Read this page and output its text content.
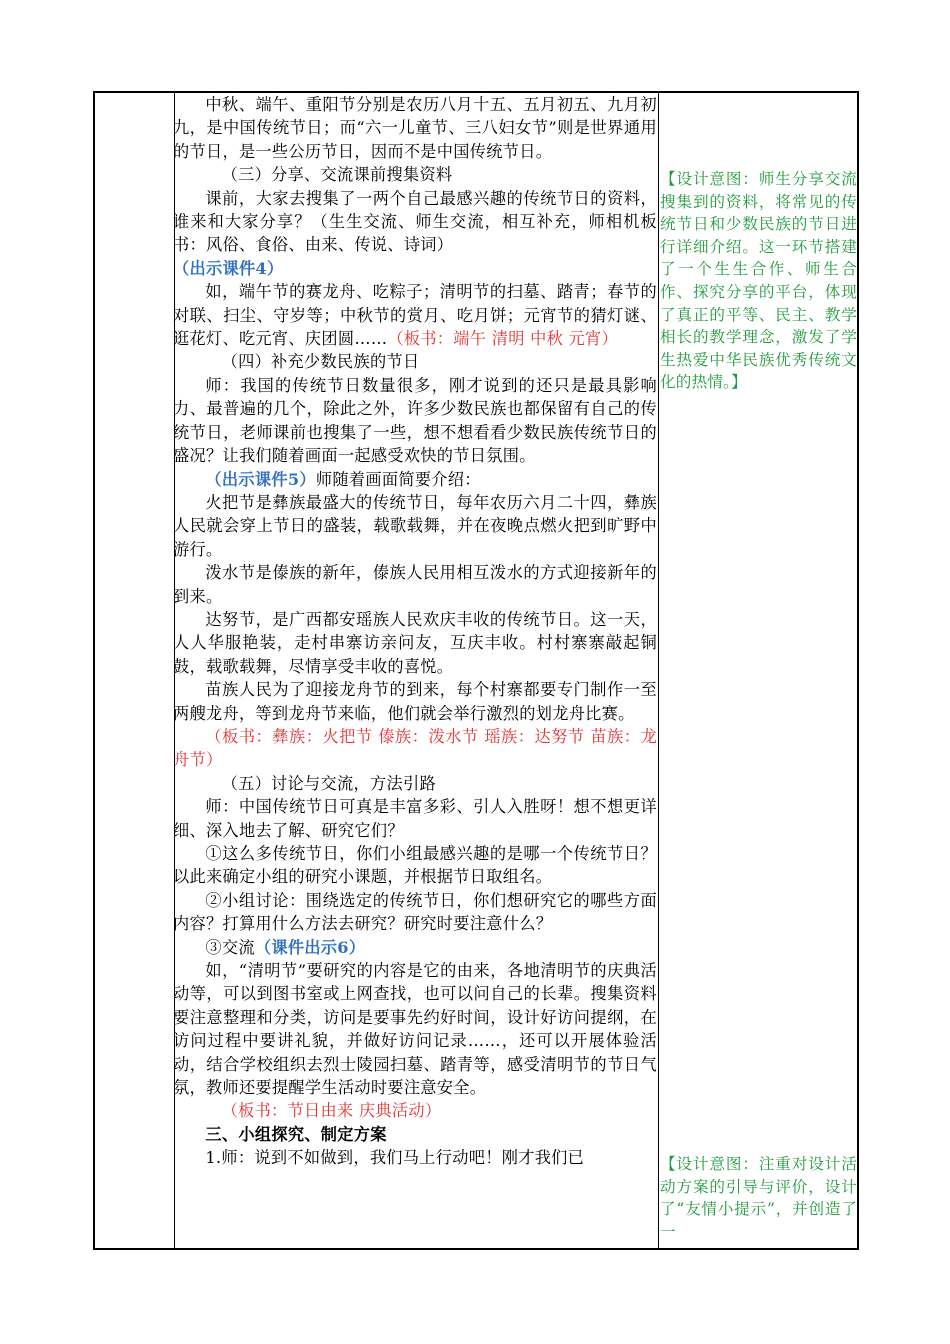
中秋、端午、重阳节分别是农历八月十五、五月初五、九月初九，是中国传统节日；而“六一儿童节、三八妇女节”则是世界通用的节日，是一些公历节日，因而不是中国传统节日。

（三）分享、交流课前搜集资料

课前，大家去搜集了一两个自己最感兴趣的传统节日的资料，谁来和大家分享？（生生交流、师生交流，相互补充，师相机板书：风俗、食俗、由来、传说、诗词）

（出示课件4）

如，端午节的赛龙舟、吃粽子；清明节的扫墓、踏青；春节的对联、扫尘、守岁等；中秋节的赏月、吃月饼；元宵节的猜灯谜、逛花灯、吃元宵、庆团圆……（板书：端午 清明 中秋 元宵）

（四）补充少数民族的节日

师：我国的传统节日数量很多，刚才说到的还只是最具影响力、最普遍的几个，除此之外，许多少数民族也都保留有自己的传统节日，老师课前也搜集了一些，想不想看看少数民族传统节日的盛况？让我们随着画面一起感受欢快的节日氛围。

（出示课件5）师随着画面简要介绍：

火把节是彝族最盛大的传统节日，每年农历六月二十四，彝族人民就会穿上节日的盛装，载歌载舞，并在夜晚点燃火把到旷野中游行。

泼水节是傣族的新年，傣族人民用相互泼水的方式迎接新年的到来。

达努节，是广西都安瑶族人民欢庆丰收的传统节日。这一天，人人华服艳装，走村串寨访亲问友，互庆丰收。村村寨寨敲起铜鼓，载歌载舞，尽情享受丰收的喜悦。

苗族人民为了迎接龙舟节的到来，每个村寨都要专门制作一至两艘龙舟，等到龙舟节来临，他们就会举行激烈的划龙舟比赛。

（板书：彝族：火把节 傣族：泼水节 瑶族：达努节 苗族：龙舟节）

（五）讨论与交流，方法引路

师：中国传统节日可真是丰富多彩、引人入胜呀！想不想更详细、深入地去了解、研究它们？

①这么多传统节日，你们小组最感兴趣的是哪一个传统节日？以此来确定小组的研究小课题，并根据节日取组名。

②小组讨论：围绕选定的传统节日，你们想研究它的哪些方面内容？打算用什么方法去研究？研究时要注意什么？

③交流（课件出示6）

如，“清明节”要研究的内容是它的由来，各地清明节的庆典活动等，可以到图书室或上网查找，也可以问自己的长辈。搜集资料要注意整理和分类，访问是要事先约好时间，设计好访问提纲，在访问过程中要讲礼貌，并做好访问记录……，还可以开展体验活动，结合学校组织去烈士陵园扫墓、踏青等，感受清明节的节日气氛，教师还要提醒学生活动时要注意安全。

（板书：节日由来 庆典活动）

三、小组探究、制定方案

1.师：说到不如做到，我们马上行动吧！刚才我们已

【设计意图：师生分享交流搜集到的资料，将常见的传统节日和少数民族的节日进行详细介绍。这一环节搭建了一个生生合作、师生合作、探究分享的平台，体现了真正的平等、民主、教学相长的教学理念，激发了学生热爱中华民族优秀传统文化的热情。】
【设计意图：注重对设计活动方案的引导与评价，设计了“友情小提示”，并创造了一
